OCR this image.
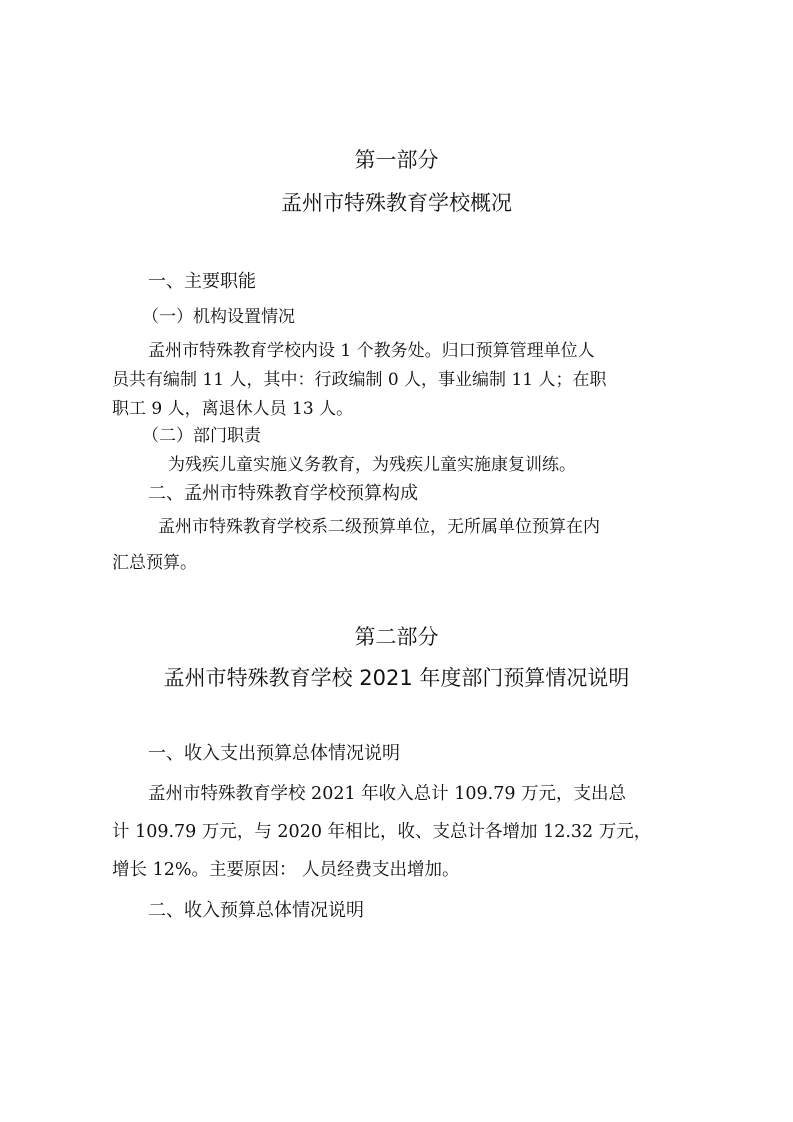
第一部分
孟州市特殊教育学校概况
一、主要职能
（一）机构设置情况
孟州市特殊教育学校内设 1 个教务处。归口预算管理单位人
员共有编制 11 人，其中：行政编制 0 人，事业编制 11 人；在职
职工 9 人，离退休人员 13 人。
（二）部门职责
为残疾儿童实施义务教育，为残疾儿童实施康复训练。
二、孟州市特殊教育学校预算构成
孟州市特殊教育学校系二级预算单位，无所属单位预算在内
汇总预算。
第二部分
孟州市特殊教育学校 2021 年度部门预算情况说明
一、收入支出预算总体情况说明
孟州市特殊教育学校 2021 年收入总计 109.79 万元，支出总
计 109.79 万元，与 2020 年相比，收、支总计各增加 12.32 万元，
增长 12%。主要原因： 人员经费支出增加。
二、收入预算总体情况说明
